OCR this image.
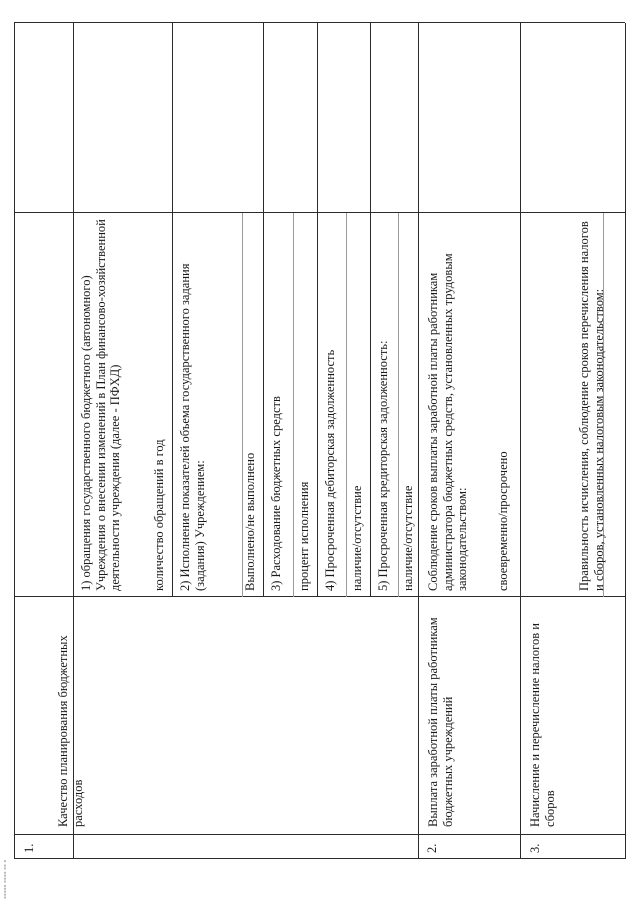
1.
Качество планирования бюджетных расходов
1) обращения государственного бюджетного (автономного) Учреждения о внесении изменений в План финансово-хозяйственной деятельности учреждения (далее - ПФХД) количество обращений в год 2) Исполнение показателей объема государственного задания (задания) Учреждением:	Выполнено/не выполнено 3) Расходование бюджетных средств процент исполнения 4) Просроченная дебиторская задолженность наличие/отсутствие 5) Просроченная кредиторская задолженность: наличие/отсутствие
2.
Выплата заработной платы работникам бюджетных учреждений
Соблюдение сроков выплаты заработной платы работникам администратора бюджетных средств, установленных трудовым законодательством: своевременно/просрочено
3.
Начисление и перечисление налогов и сборов
Правильность исчисления, соблюдение сроков перечисления налогов и сборов, установленных налоговым законодательством:
▪▪▪▪▪ ▪▪▪▪ ▪▪ ▪
